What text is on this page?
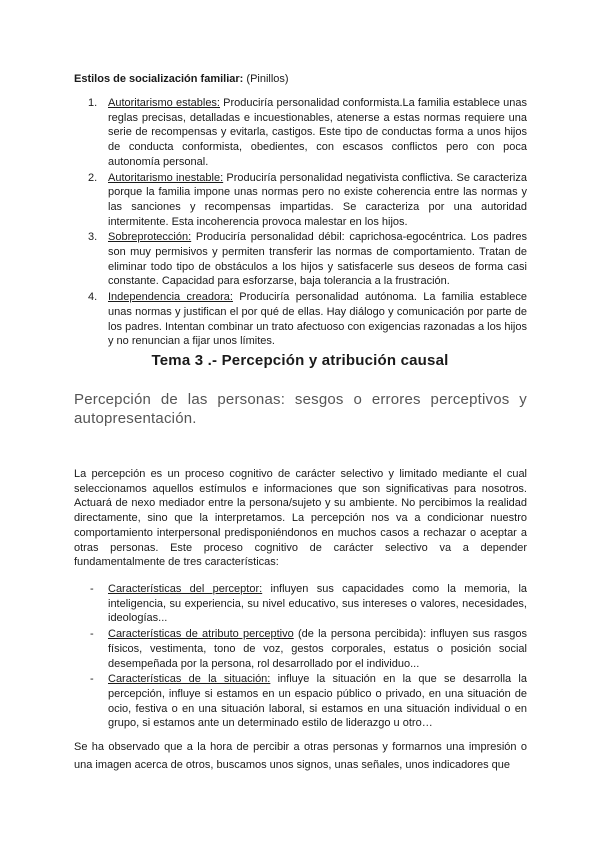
Estilos de socialización familiar: (Pinillos)

1. Autoritarismo estables: Produciría personalidad conformista.La familia establece unas reglas precisas, detalladas e incuestionables, atenerse a estas normas requiere una serie de recompensas y evitarla, castigos. Este tipo de conductas forma a unos hijos de conducta conformista, obedientes, con escasos conflictos pero con poca autonomía personal.
2. Autoritarismo inestable: Produciría personalidad negativista conflictiva. Se caracteriza porque la familia impone unas normas pero no existe coherencia entre las normas y las sanciones y recompensas impartidas. Se caracteriza por una autoridad intermitente. Esta incoherencia provoca malestar en los hijos.
3. Sobreprotección: Produciría personalidad débil: caprichosa-egocéntrica. Los padres son muy permisivos y permiten transferir las normas de comportamiento. Tratan de eliminar todo tipo de obstáculos a los hijos y satisfacerle sus deseos de forma casi constante. Capacidad para esforzarse, baja tolerancia a la frustración.
4. Independencia creadora: Produciría personalidad autónoma. La familia establece unas normas y justifican el por qué de ellas. Hay diálogo y comunicación por parte de los padres. Intentan combinar un trato afectuoso con exigencias razonadas a los hijos y no renuncian a fijar unos límites.
Tema 3 .- Percepción y atribución causal
Percepción de las personas: sesgos o errores perceptivos y autopresentación.

La percepción es un proceso cognitivo de carácter selectivo y limitado mediante el cual seleccionamos aquellos estímulos e informaciones que son significativas para nosotros. Actuará de nexo mediador entre la persona/sujeto y su ambiente. No percibimos la realidad directamente, sino que la interpretamos. La percepción nos va a condicionar nuestro comportamiento interpersonal predisponiéndonos en muchos casos a rechazar o aceptar a otras personas. Este proceso cognitivo de carácter selectivo va a depender fundamentalmente de tres características:

- Características del perceptor: influyen sus capacidades como la memoria, la inteligencia, su experiencia, su nivel educativo, sus intereses o valores, necesidades, ideologías...
- Características de atributo perceptivo (de la persona percibida): influyen sus rasgos físicos, vestimenta, tono de voz, gestos corporales, estatus o posición social desempeñada por la persona, rol desarrollado por el individuo...
- Características de la situación: influye la situación en la que se desarrolla la percepción, influye si estamos en un espacio público o privado, en una situación de ocio, festiva o en una situación laboral, si estamos en una situación individual o en grupo, si estamos ante un determinado estilo de liderazgo u otro…

Se ha observado que a la hora de percibir a otras personas y formarnos una impresión o una imagen acerca de otros, buscamos unos signos, unas señales, unos indicadores que
